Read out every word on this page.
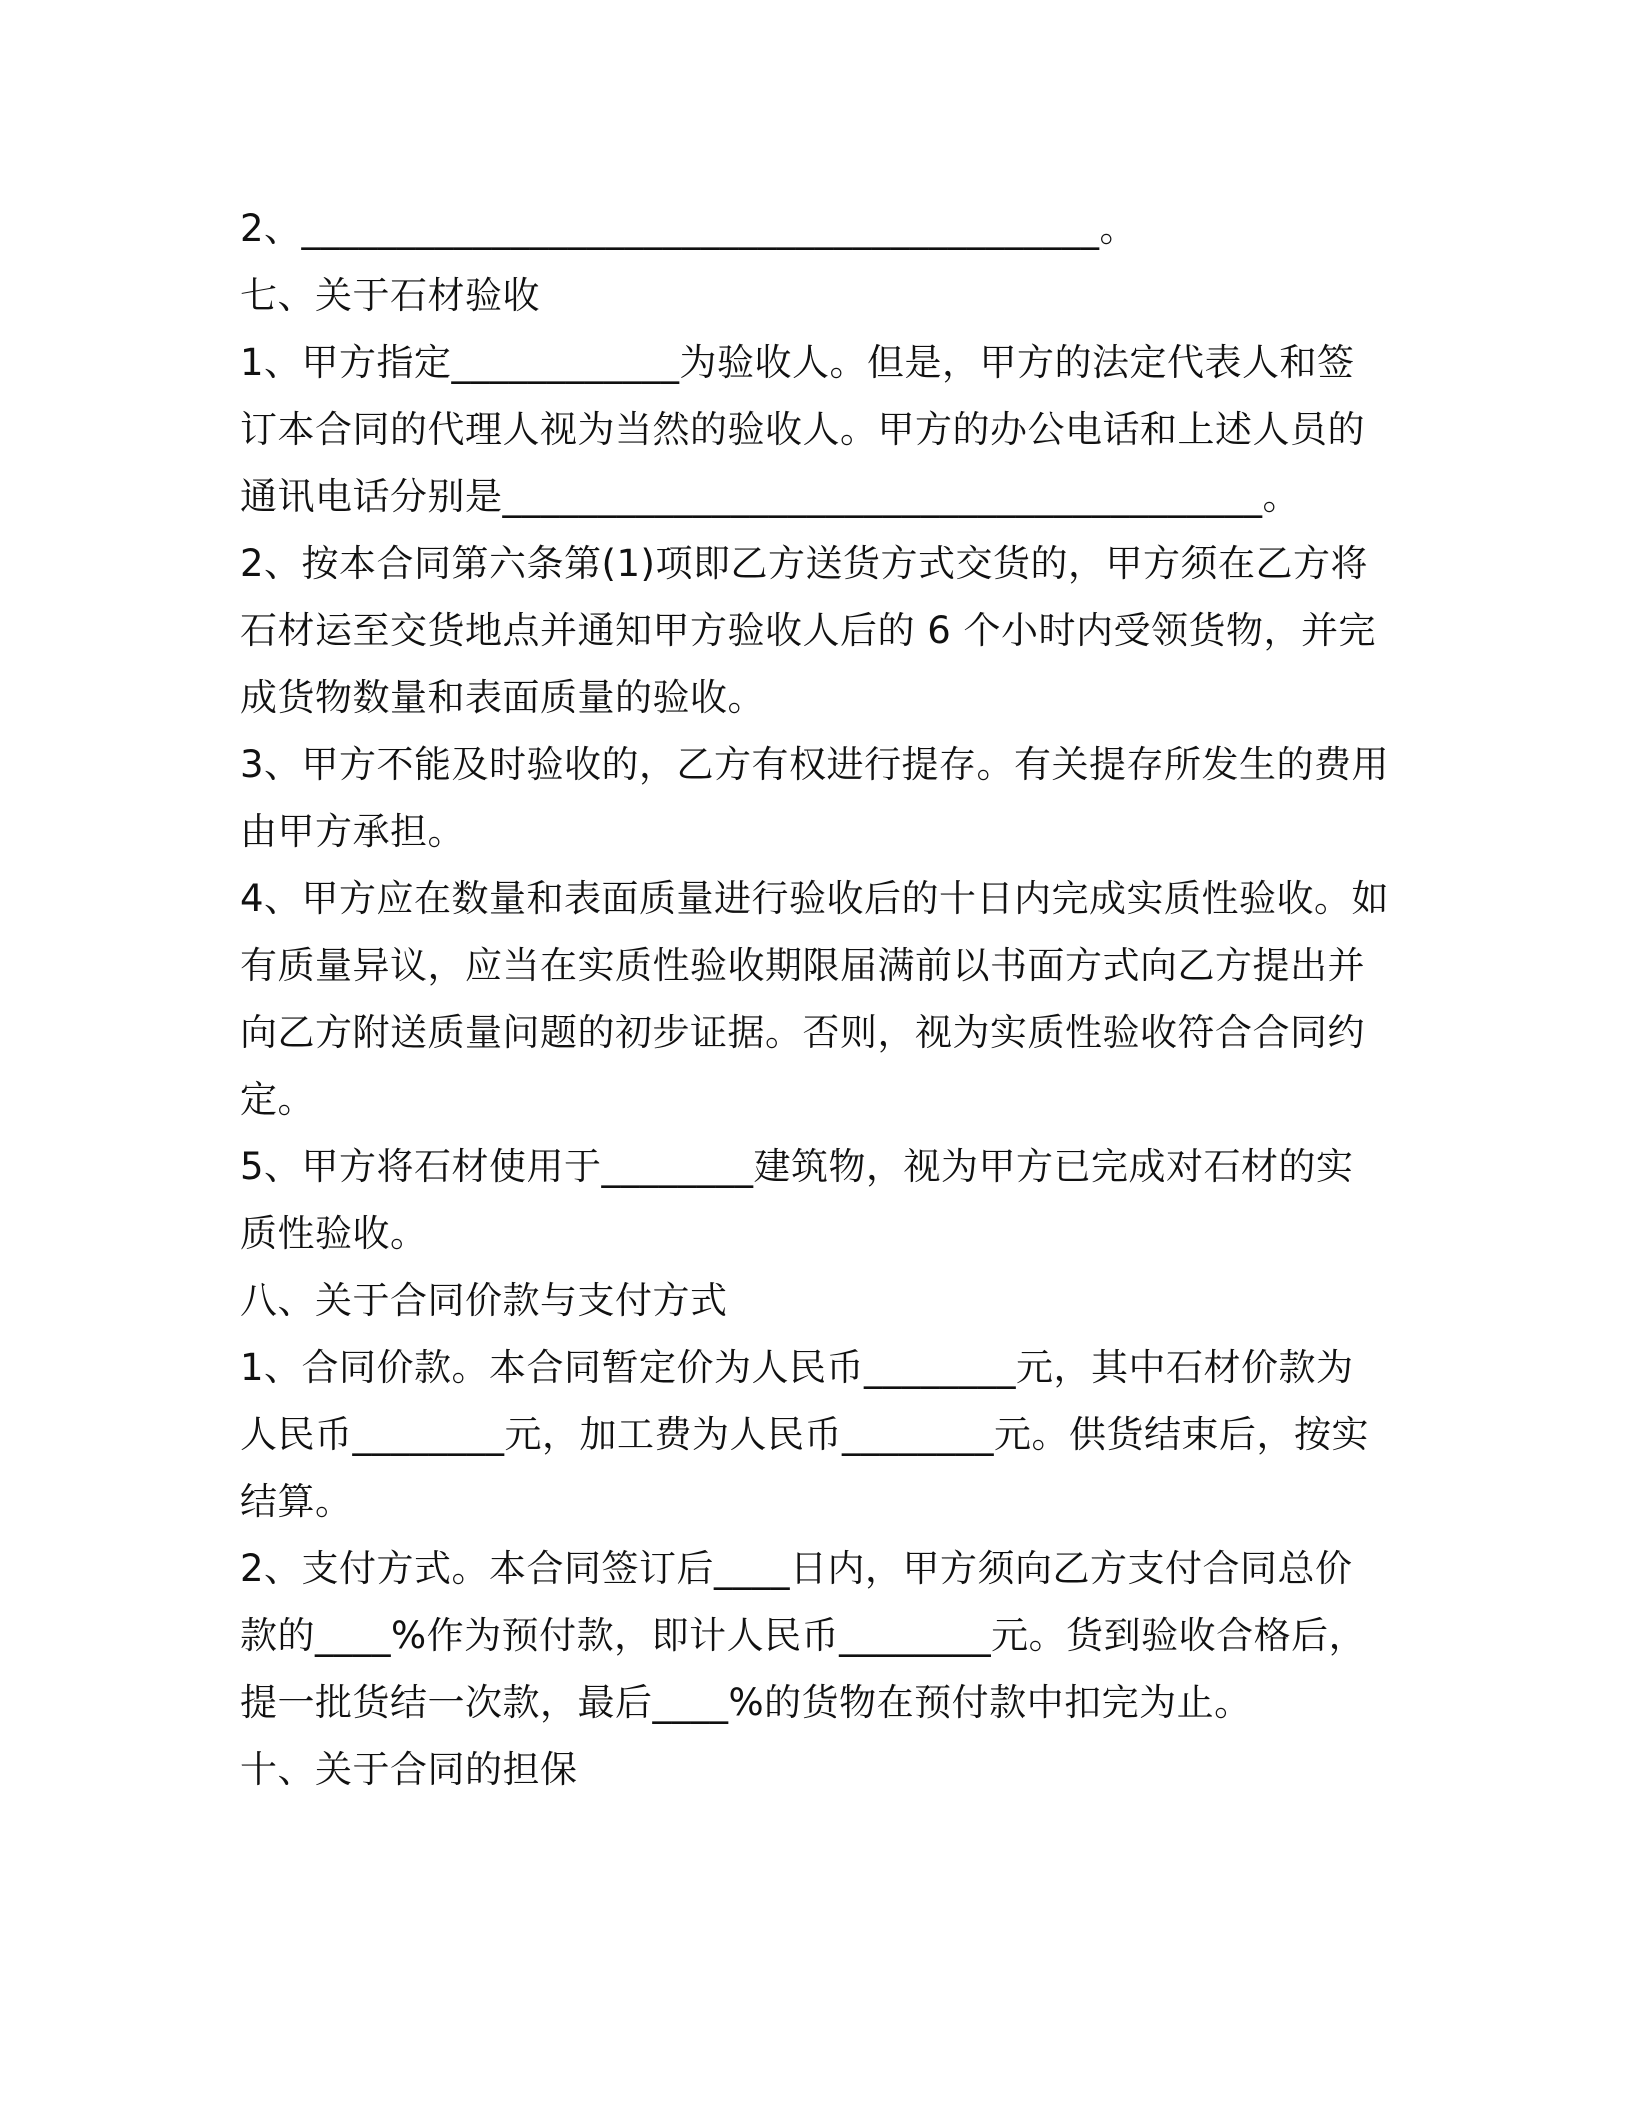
2、__________________________________________。

七、关于石材验收

1、甲方指定____________为验收人。但是，甲方的法定代表人和签订本合同的代理人视为当然的验收人。甲方的办公电话和上述人员的通讯电话分别是________________________________________。

2、按本合同第六条第(1)项即乙方送货方式交货的，甲方须在乙方将石材运至交货地点并通知甲方验收人后的 6 个小时内受领货物，并完成货物数量和表面质量的验收。

3、甲方不能及时验收的，乙方有权进行提存。有关提存所发生的费用由甲方承担。

4、甲方应在数量和表面质量进行验收后的十日内完成实质性验收。如有质量异议，应当在实质性验收期限届满前以书面方式向乙方提出并向乙方附送质量问题的初步证据。否则，视为实质性验收符合合同约定。

5、甲方将石材使用于________建筑物，视为甲方已完成对石材的实质性验收。

八、关于合同价款与支付方式

1、合同价款。本合同暂定价为人民币________元，其中石材价款为人民币________元，加工费为人民币________元。供货结束后，按实结算。

2、支付方式。本合同签订后____日内，甲方须向乙方支付合同总价款的____%作为预付款，即计人民币________元。货到验收合格后，提一批货结一次款，最后____%的货物在预付款中扣完为止。

十、关于合同的担保
